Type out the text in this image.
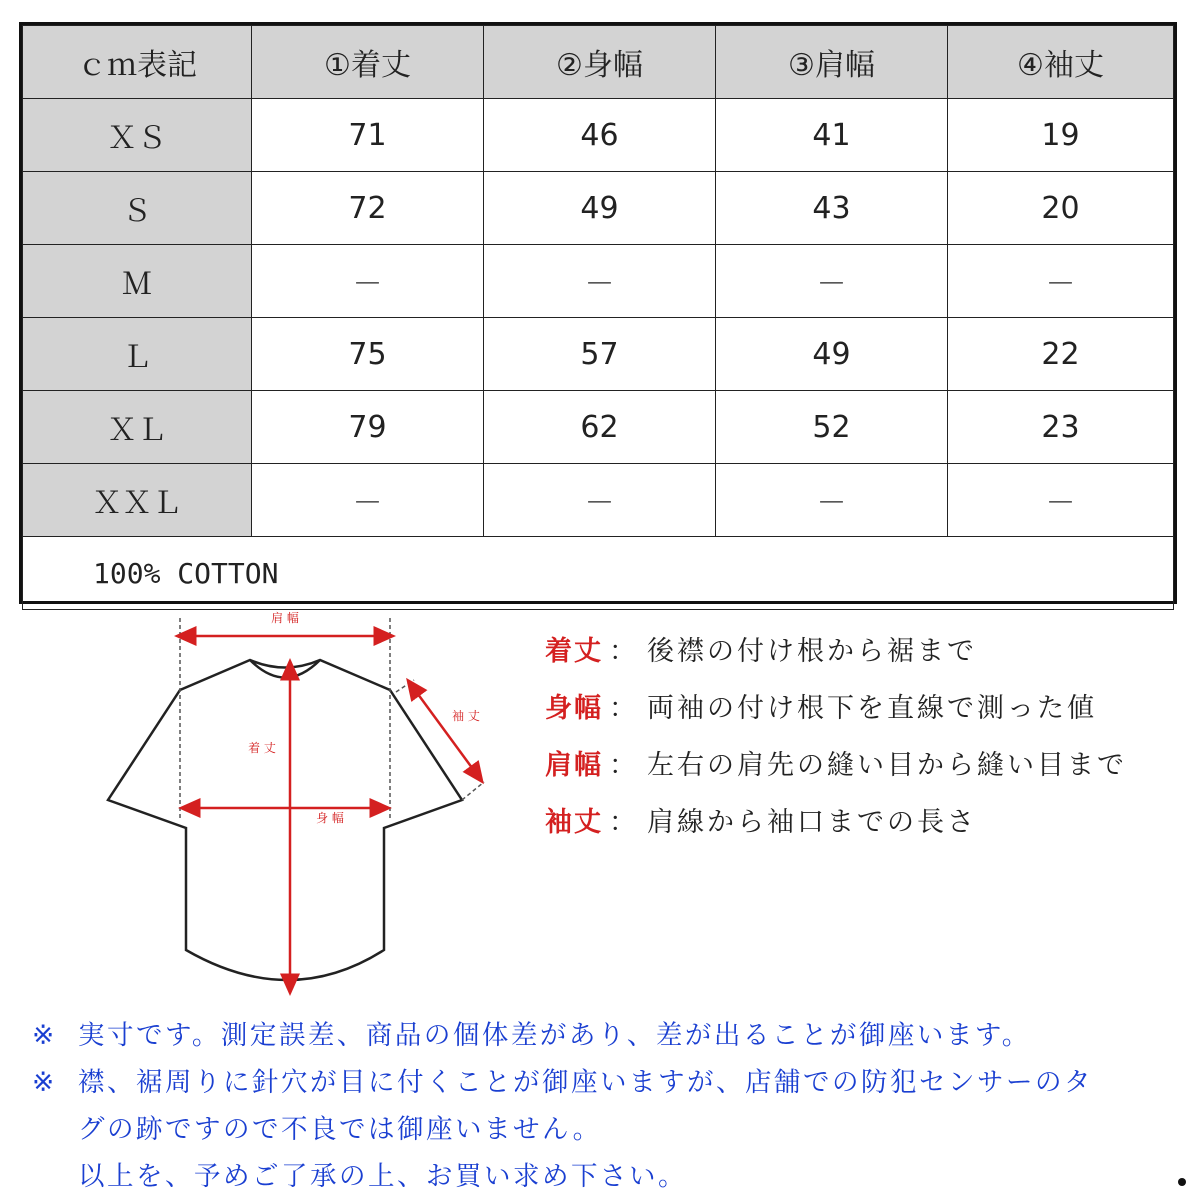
ｃｍ表記	①着丈	②身幅	③肩幅	④袖丈
ＸＳ	71	46	41	19
Ｓ	72	49	43	20
Ｍ	－	－	－	－
Ｌ	75	57	49	22
ＸＬ	79	62	52	23
ＸＸＬ	－	－	－	－
100% COTTON				
肩 幅
着 丈
身 幅
袖 丈
着丈 ： 後襟の付け根から裾まで
身幅 ： 両袖の付け根下を直線で測った値
肩幅 ： 左右の肩先の縫い目から縫い目まで
袖丈 ： 肩線から袖口までの長さ
※ 実寸です。測定誤差、商品の個体差があり、差が出ることが御座います。
※ 襟、裾周りに針穴が目に付くことが御座いますが、店舗での防犯センサーのタ
グの跡ですので不良では御座いません。
以上を、予めご了承の上、お買い求め下さい。
